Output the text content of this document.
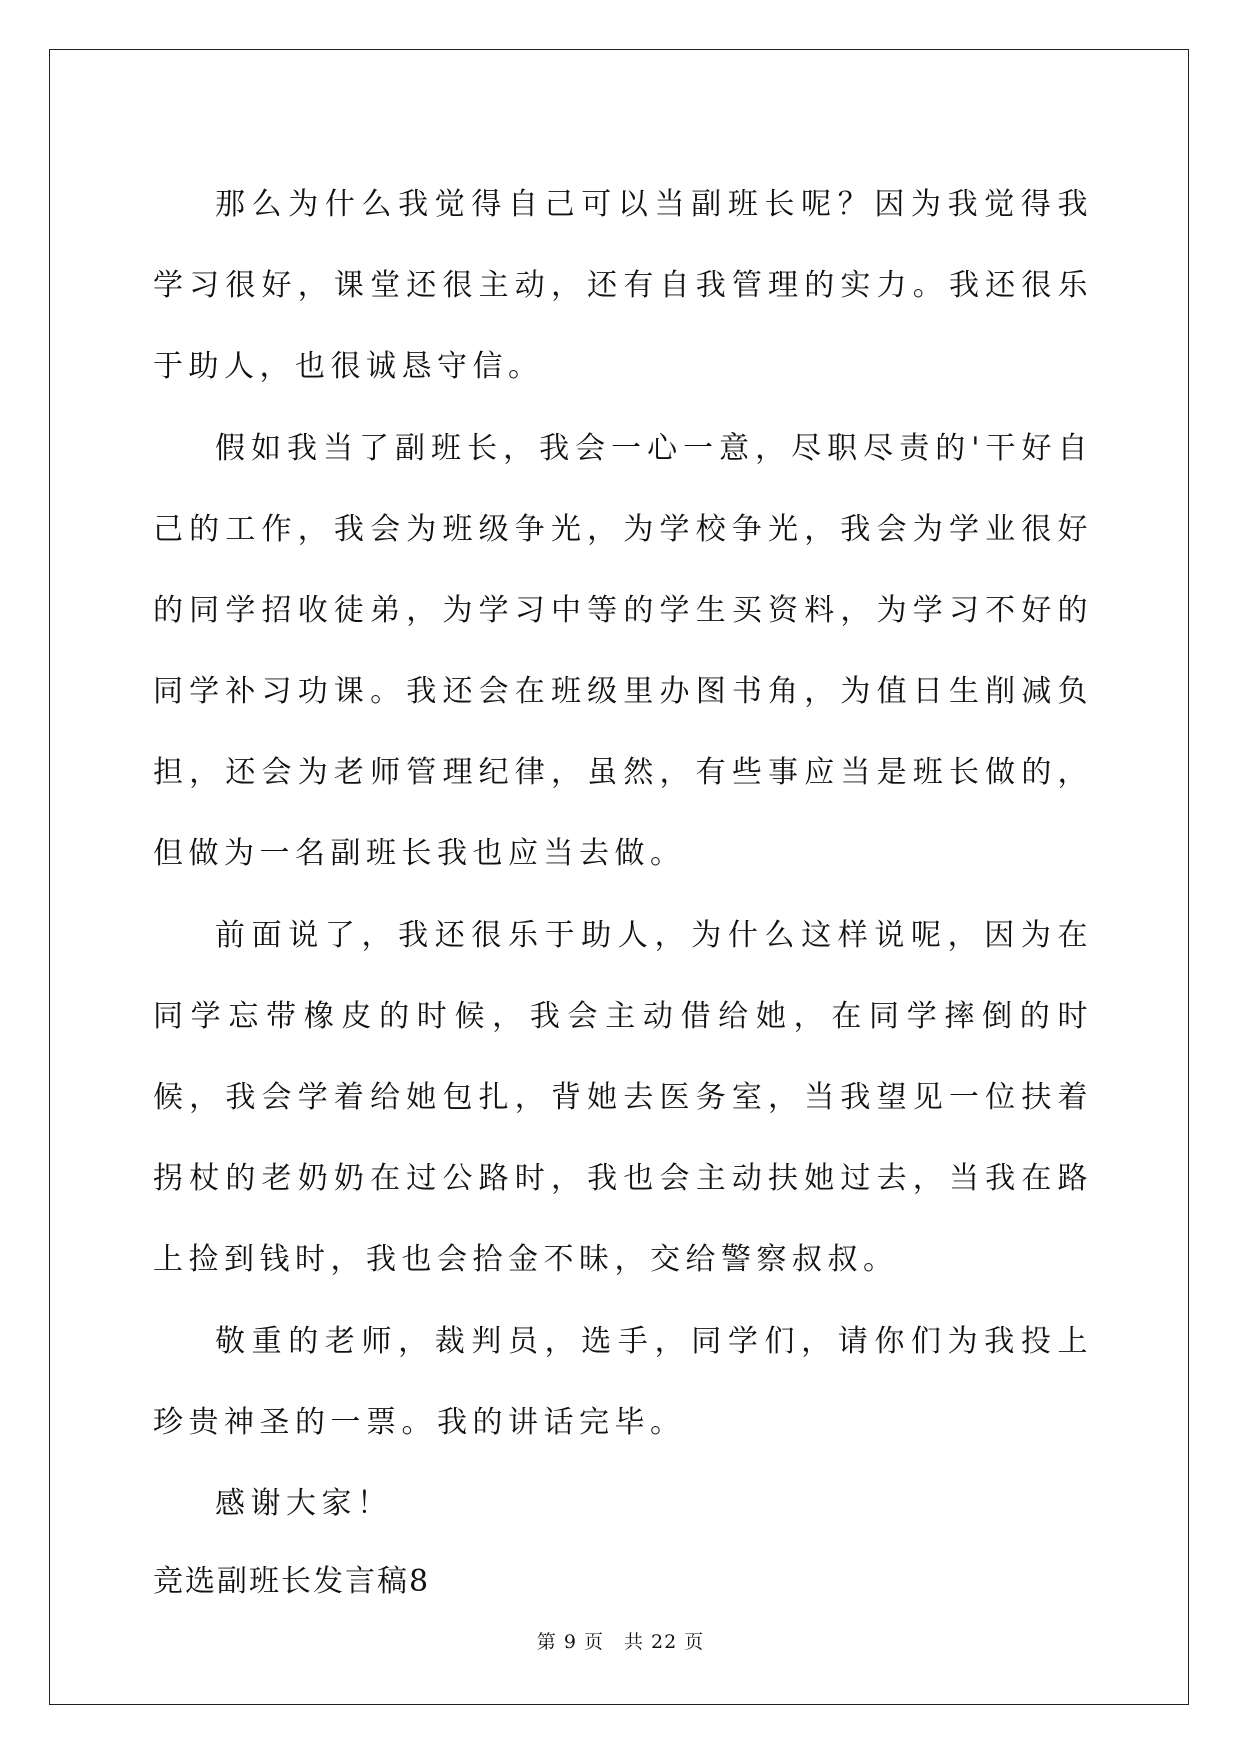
那么为什么我觉得自己可以当副班长呢？因为我觉得我学习很好，课堂还很主动，还有自我管理的实力。我还很乐于助人，也很诚恳守信。

假如我当了副班长，我会一心一意，尽职尽责的'干好自己的工作，我会为班级争光，为学校争光，我会为学业很好的同学招收徒弟，为学习中等的学生买资料，为学习不好的同学补习功课。我还会在班级里办图书角，为值日生削减负担，还会为老师管理纪律，虽然，有些事应当是班长做的，但做为一名副班长我也应当去做。

前面说了，我还很乐于助人，为什么这样说呢，因为在同学忘带橡皮的时候，我会主动借给她，在同学摔倒的时候，我会学着给她包扎，背她去医务室，当我望见一位扶着拐杖的老奶奶在过公路时，我也会主动扶她过去，当我在路上捡到钱时，我也会拾金不昧，交给警察叔叔。

敬重的老师，裁判员，选手，同学们，请你们为我投上珍贵神圣的一票。我的讲话完毕。

感谢大家！

竞选副班长发言稿8

第 9 页 共 22 页
